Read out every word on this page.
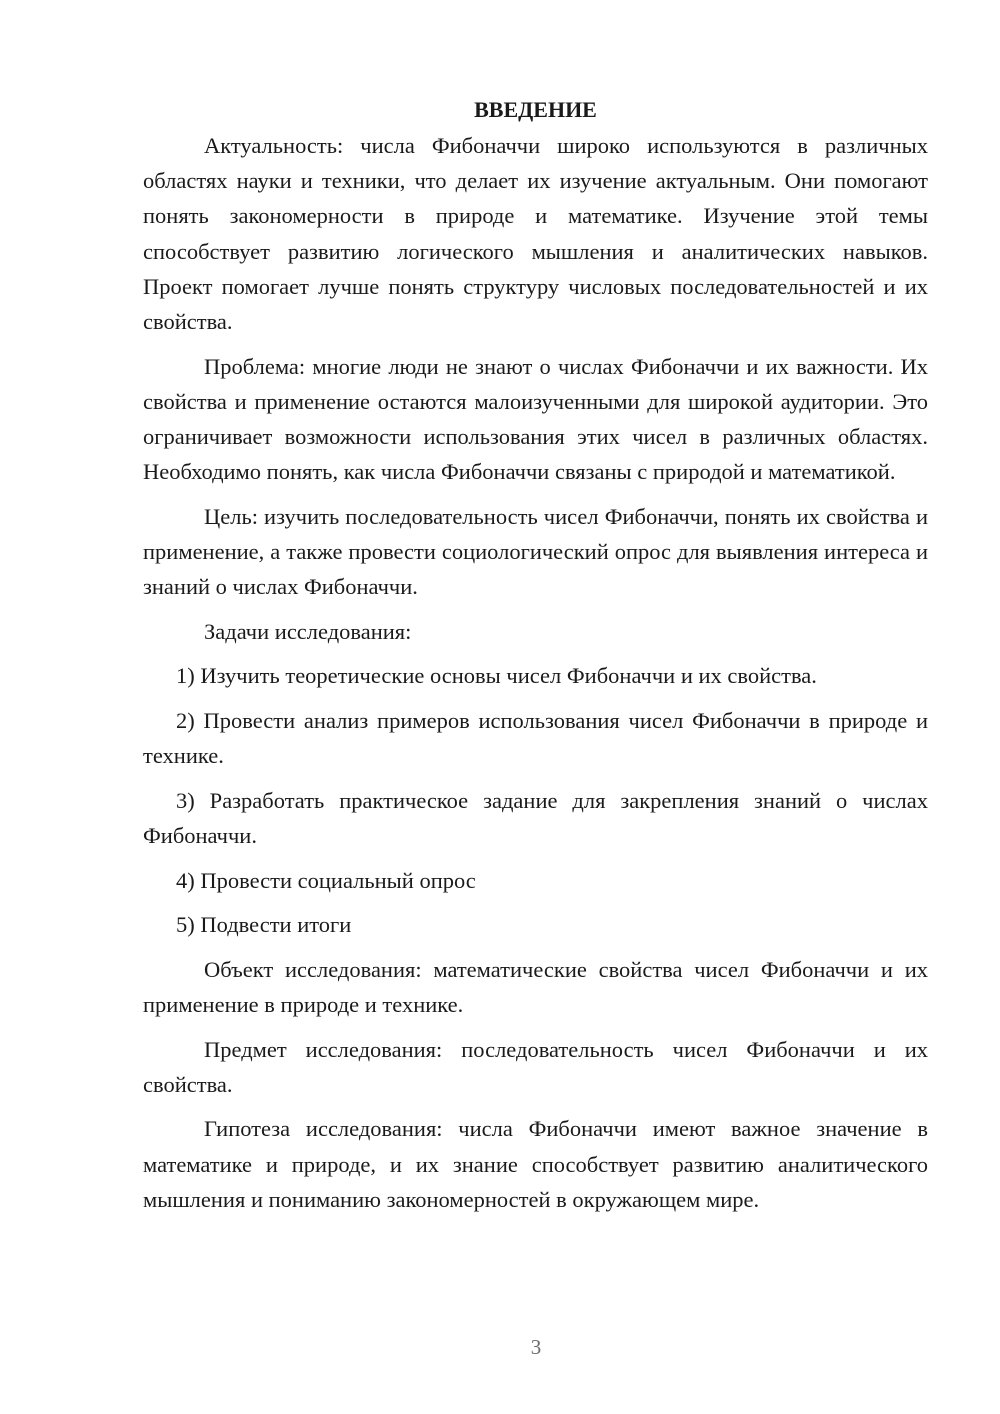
ВВЕДЕНИЕ

Актуальность: числа Фибоначчи широко используются в различных областях науки и техники, что делает их изучение актуальным. Они помогают понять закономерности в природе и математике. Изучение этой темы способствует развитию логического мышления и аналитических навыков. Проект помогает лучше понять структуру числовых последовательностей и их свойства.

Проблема: многие люди не знают о числах Фибоначчи и их важности. Их свойства и применение остаются малоизученными для широкой аудитории. Это ограничивает возможности использования этих чисел в различных областях. Необходимо понять, как числа Фибоначчи связаны с природой и математикой.

Цель: изучить последовательность чисел Фибоначчи, понять их свойства и применение, а также провести социологический опрос для выявления интереса и знаний о числах Фибоначчи.

Задачи исследования:

1) Изучить теоретические основы чисел Фибоначчи и их свойства.

2) Провести анализ примеров использования чисел Фибоначчи в природе и технике.

3) Разработать практическое задание для закрепления знаний о числах Фибоначчи.

4) Провести социальный опрос

5) Подвести итоги

Объект исследования: математические свойства чисел Фибоначчи и их применение в природе и технике.

Предмет исследования: последовательность чисел Фибоначчи и их свойства.

Гипотеза исследования: числа Фибоначчи имеют важное значение в математике и природе, и их знание способствует развитию аналитического мышления и пониманию закономерностей в окружающем мире.

3
